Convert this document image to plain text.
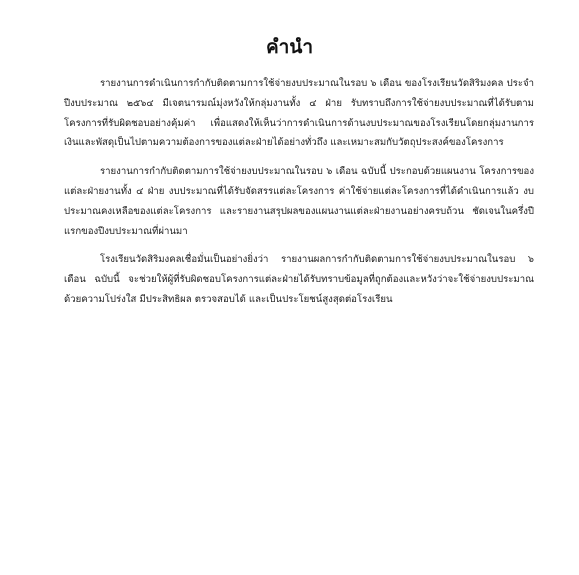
คำนำ

รายงานการดำเนินการกำกับติดตามการใช้จ่ายงบประมาณในรอบ ๖ เดือน ของโรงเรียนวัดสิริมงคล ประจำปีงบประมาณ ๒๕๖๔ มีเจตนารมณ์มุ่งหวังให้กลุ่มงานทั้ง ๔ ฝ่าย รับทราบถึงการใช้จ่ายงบประมาณที่ได้รับตามโครงการที่รับผิดชอบอย่างคุ้มค่า เพื่อแสดงให้เห็นว่าการดำเนินการด้านงบประมาณของโรงเรียนโดยกลุ่มงานการเงินและพัสดุเป็นไปตามความต้องการของแต่ละฝ่ายได้อย่างทั่วถึง และเหมาะสมกับวัตถุประสงค์ของโครงการ

รายงานการกำกับติดตามการใช้จ่ายงบประมาณในรอบ ๖ เดือน ฉบับนี้ ประกอบด้วยแผนงาน โครงการของแต่ละฝ่ายงานทั้ง ๔ ฝ่าย งบประมาณที่ได้รับจัดสรรแต่ละโครงการ ค่าใช้จ่ายแต่ละโครงการที่ได้ดำเนินการแล้ว งบประมาณคงเหลือของแต่ละโครงการ และรายงานสรุปผลของแผนงานแต่ละฝ่ายงานอย่างครบถ้วน ชัดเจนในครึ่งปีแรกของปีงบประมาณที่ผ่านมา

โรงเรียนวัดสิริมงคลเชื่อมั่นเป็นอย่างยิ่งว่า รายงานผลการกำกับติดตามการใช้จ่ายงบประมาณในรอบ ๖ เดือน ฉบับนี้ จะช่วยให้ผู้ที่รับผิดชอบโครงการแต่ละฝ่ายได้รับทราบข้อมูลที่ถูกต้องและหวังว่าจะใช้จ่ายงบประมาณด้วยความโปร่งใส มีประสิทธิผล ตรวจสอบได้ และเป็นประโยชน์สูงสุดต่อโรงเรียน
